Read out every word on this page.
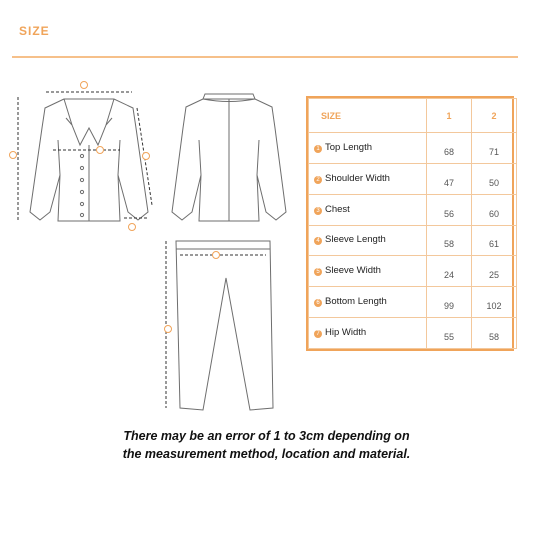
SIZE
SIZE	1	2
1 Top Length	68	71
2 Shoulder Width	47	50
3 Chest	56	60
4 Sleeve Length	58	61
5 Sleeve Width	24	25
6 Bottom Length	99	102
7 Hip Width	55	58
There may be an error of 1 to 3cm depending on
the measurement method, location and material.
